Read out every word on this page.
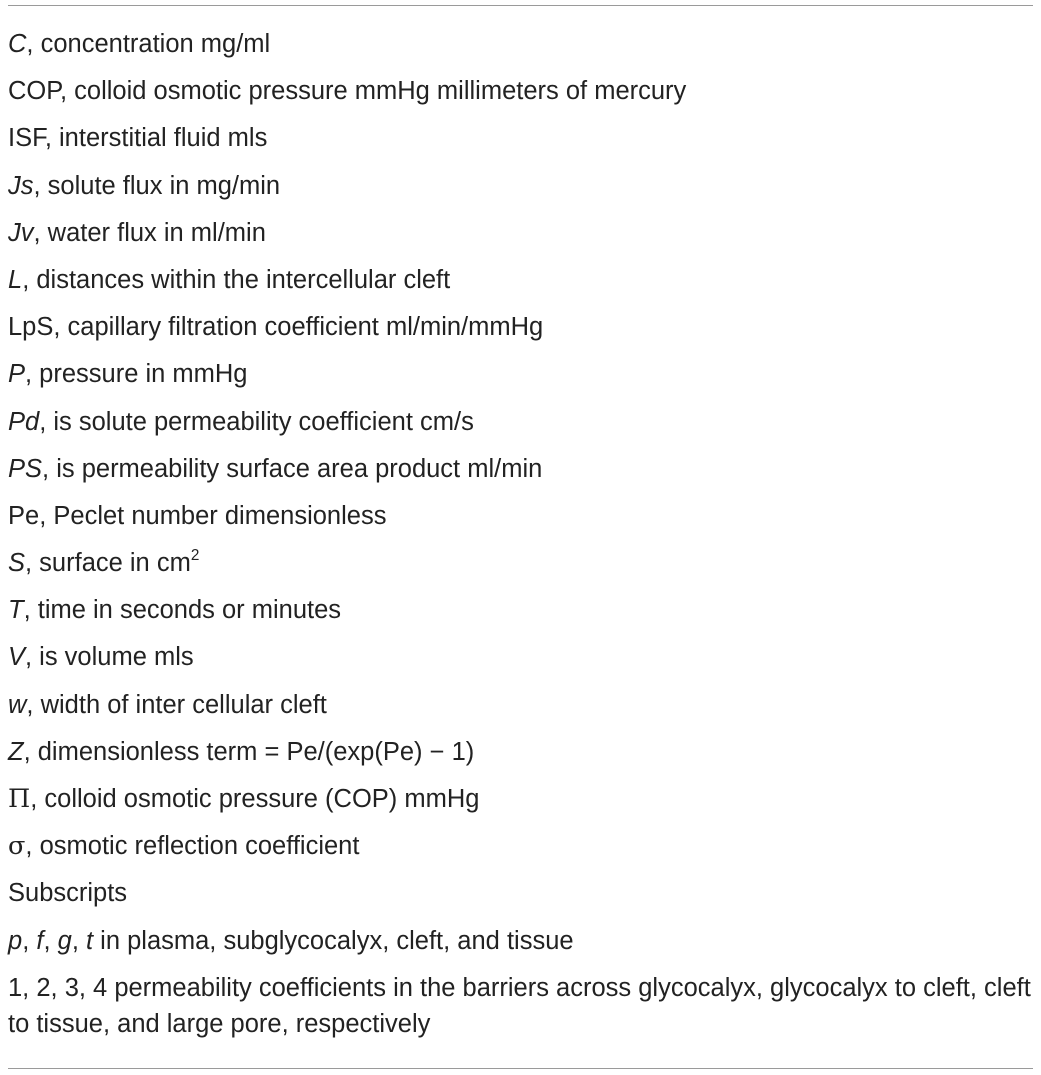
C, concentration mg/ml
COP, colloid osmotic pressure mmHg millimeters of mercury
ISF, interstitial fluid mls
Js, solute flux in mg/min
Jv, water flux in ml/min
L, distances within the intercellular cleft
LpS, capillary filtration coefficient ml/min/mmHg
P, pressure in mmHg
Pd, is solute permeability coefficient cm/s
PS, is permeability surface area product ml/min
Pe, Peclet number dimensionless
S, surface in $cm^2$
T, time in seconds or minutes
V, is volume mls
w, width of inter cellular cleft
Z, dimensionless term = Pe/(exp(Pe) − 1)
Π, colloid osmotic pressure (COP) mmHg
σ, osmotic reflection coefficient
Subscripts
p, f, g, t in plasma, subglycocalyx, cleft, and tissue
1, 2, 3, 4 permeability coefficients in the barriers across glycocalyx, glycocalyx to cleft, cleft to tissue, and large pore, respectively
